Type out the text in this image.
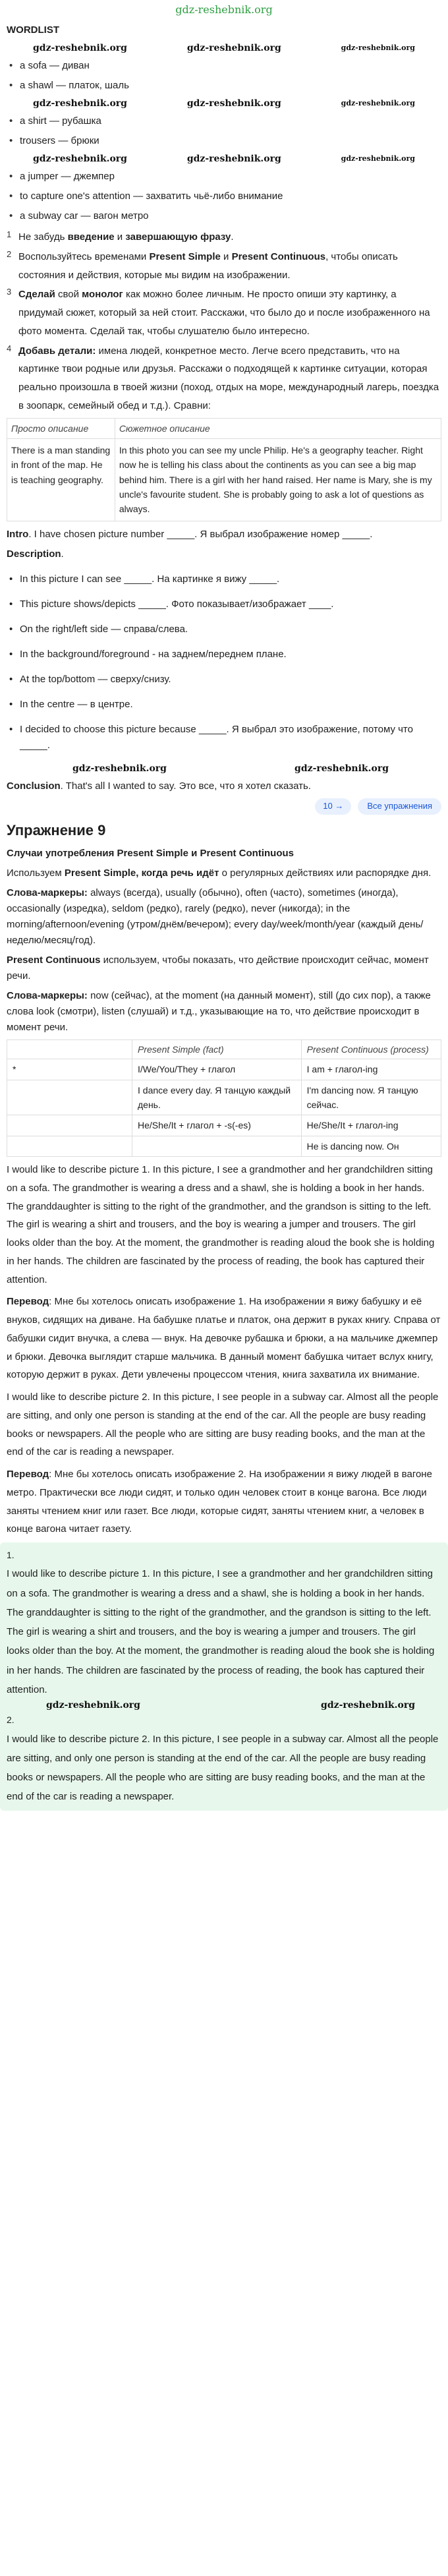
gdz-reshebnik.org
WORDLIST
gdz-reshebnik.org	gdz-reshebnik.org	gdz-reshebnik.org
• a sofa — диван
• a shawl — платок, шаль
gdz-reshebnik.org	gdz-reshebnik.org	gdz-reshebnik.org
• a shirt — рубашка
• trousers — брюки
gdz-reshebnik.org	gdz-reshebnik.org	gdz-reshebnik.org
• a jumper — джемпер
• to capture one's attention — захватить чьё-либо внимание
• a subway car — вагон метро
1 Не забудь введение и завершающую фразу.
2 Воспользуйтесь временами Present Simple и Present Continuous, чтобы описать состояния и действия, которые мы видим на изображении.
3 Сделай свой монолог как можно более личным. Не просто опиши эту картинку, а придумай сюжет, который за ней стоит. Расскажи, что было до и после изображенного на фото момента. Сделай так, чтобы слушателю было интересно.
4 Добавь детали: имена людей, конкретное место. Легче всего представить, что на картинке твои родные или друзья. Расскажи о подходящей к картинке ситуации, которая реально произошла в твоей жизни (поход, отдых на море, международный лагерь, поездка в зоопарк, семейный обед и т.д.). Сравни:
Просто описание	Сюжетное описание
There is a man standing in front of the map. He is teaching geography.	In this photo you can see my uncle Philip. He's a geography teacher. Right now he is telling his class about the continents as you can see a big map behind him. There is a girl with her hand raised. Her name is Mary, she is my uncle's favourite student. She is probably going to ask a lot of questions as always.

Intro. I have chosen picture number _____. Я выбрал изображение номер _____.

Description.

• In this picture I can see _____. На картинке я вижу _____.
• This picture shows/depicts _____. Фото показывает/изображает ____.
• On the right/left side — справа/слева.
• In the background/foreground - на заднем/переднем плане.
• At the top/bottom — сверху/снизу.
• In the centre — в центре.
• I decided to choose this picture because _____. Я выбрал это изображение, потому что _____.
gdz-reshebnik.org	gdz-reshebnik.org

Conclusion. That's all I wanted to say. Это все, что я хотел сказать.

10 →	Все упражнения
Упражнение 9

Случаи употребления Present Simple и Present Continuous

Используем Present Simple, когда речь идёт о регулярных действиях или распорядке дня.

Слова-маркеры: always (всегда), usually (обычно), often (часто), sometimes (иногда), occasionally (изредка), seldom (редко), rarely (редко), never (никогда); in the morning/afternoon/evening (утром/днём/вечером); every day/week/month/year (каждый день/неделю/месяц/год).

Present Continuous используем, чтобы показать, что действие происходит сейчас, момент речи.

Слова-маркеры: now (сейчас), at the moment (на данный момент), still (до сих пор), а также слова look (смотри), listen (слушай) и т.д., указывающие на то, что действие происходит в момент речи.

	Present Simple (fact)	Present Continuous (process)
*	I/We/You/They + глагол	I am + глагол-ing
	I dance every day. Я танцую каждый день.	I'm dancing now. Я танцую сейчас.
	He/She/It + глагол + -s(-es)	He/She/It + глагол-ing
		He is dancing now. Он

I would like to describe picture 1. In this picture, I see a grandmother and her grandchildren sitting on a sofa. The grandmother is wearing a dress and a shawl, she is holding a book in her hands. The granddaughter is sitting to the right of the grandmother, and the grandson is sitting to the left. The girl is wearing a shirt and trousers, and the boy is wearing a jumper and trousers. The girl looks older than the boy. At the moment, the grandmother is reading aloud the book she is holding in her hands. The children are fascinated by the process of reading, the book has captured their attention.

Перевод: Мне бы хотелось описать изображение 1. На изображении я вижу бабушку и её внуков, сидящих на диване. На бабушке платье и платок, она держит в руках книгу. Справа от бабушки сидит внучка, а слева — внук. На девочке рубашка и брюки, а на мальчике джемпер и брюки. Девочка выглядит старше мальчика. В данный момент бабушка читает вслух книгу, которую держит в руках. Дети увлечены процессом чтения, книга захватила их внимание.

I would like to describe picture 2. In this picture, I see people in a subway car. Almost all the people are sitting, and only one person is standing at the end of the car. All the people are busy reading books or newspapers. All the people who are sitting are busy reading books, and the man at the end of the car is reading a newspaper.

Перевод: Мне бы хотелось описать изображение 2. На изображении я вижу людей в вагоне метро. Практически все люди сидят, и только один человек стоит в конце вагона. Все люди заняты чтением книг или газет. Все люди, которые сидят, заняты чтением книг, а человек в конце вагона читает газету.

1.

I would like to describe picture 1. In this picture, I see a grandmother and her grandchildren sitting on a sofa. The grandmother is wearing a dress and a shawl, she is holding a book in her hands. The granddaughter is sitting to the right of the grandmother, and the grandson is sitting to the left. The girl is wearing a shirt and trousers, and the boy is wearing a jumper and trousers. The girl looks older than the boy. At the moment, the grandmother is reading aloud the book she is holding in her hands. The children are fascinated by the process of reading, the book has captured their attention.

gdz-reshebnik.org	gdz-reshebnik.org
2.

I would like to describe picture 2. In this picture, I see people in a subway car. Almost all the people are sitting, and only one person is standing at the end of the car. All the people are busy reading books or newspapers. All the people who are sitting are busy reading books, and the man at the end of the car is reading a newspaper.
